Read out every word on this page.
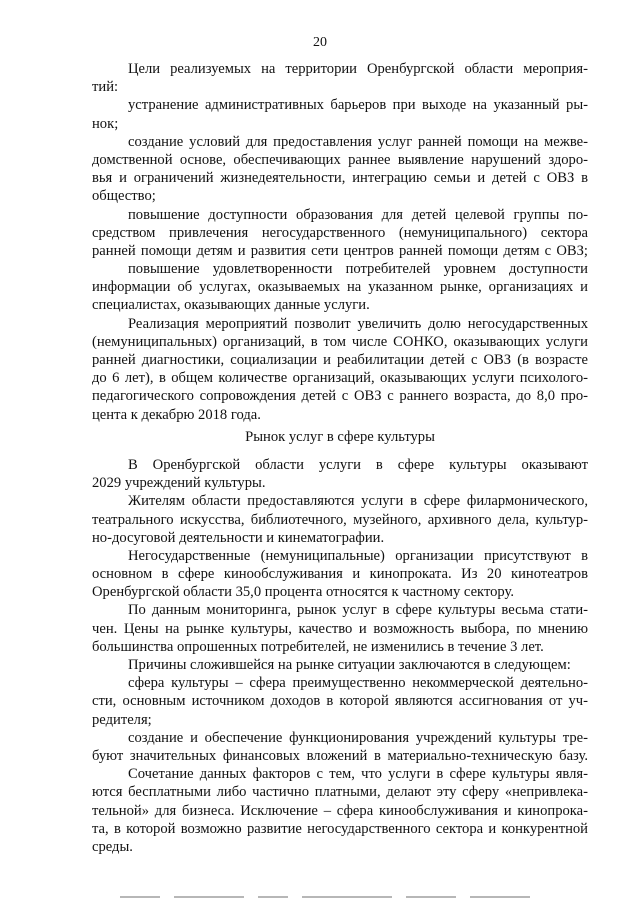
20
Цели реализуемых на территории Оренбургской области мероприя-
тий:
устранение административных барьеров при выходе на указанный ры-
нок;
создание условий для предоставления услуг ранней помощи на межве-
домственной основе, обеспечивающих раннее выявление нарушений здоро-
вья и ограничений жизнедеятельности, интеграцию семьи и детей с ОВЗ в
общество;
повышение доступности образования для детей целевой группы по-
средством привлечения негосударственного (немуниципального) сектора
ранней помощи детям и развития сети центров ранней помощи детям с ОВЗ;
повышение удовлетворенности потребителей уровнем доступности
информации об услугах, оказываемых на указанном рынке, организациях и
специалистах, оказывающих данные услуги.
Реализация мероприятий позволит увеличить долю негосударственных
(немуниципальных) организаций, в том числе СОНКО, оказывающих услуги
ранней диагностики, социализации и реабилитации детей с ОВЗ (в возрасте
до 6 лет), в общем количестве организаций, оказывающих услуги психолого-
педагогического сопровождения детей с ОВЗ с раннего возраста, до 8,0 про-
цента к декабрю 2018 года.
Рынок услуг в сфере культуры
В Оренбургской области услуги в сфере культуры оказывают
2029 учреждений культуры.
Жителям области предоставляются услуги в сфере филармонического,
театрального искусства, библиотечного, музейного, архивного дела, культур-
но-досуговой деятельности и кинематографии.
Негосударственные (немуниципальные) организации присутствуют в
основном в сфере кинообслуживания и кинопроката. Из 20 кинотеатров
Оренбургской области 35,0 процента относятся к частному сектору.
По данным мониторинга, рынок услуг в сфере культуры весьма стати-
чен. Цены на рынке культуры, качество и возможность выбора, по мнению
большинства опрошенных потребителей, не изменились в течение 3 лет.
Причины сложившейся на рынке ситуации заключаются в следующем:
сфера культуры – сфера преимущественно некоммерческой деятельно-
сти, основным источником доходов в которой являются ассигнования от уч-
редителя;
создание и обеспечение функционирования учреждений культуры тре-
буют значительных финансовых вложений в материально-техническую базу.
Сочетание данных факторов с тем, что услуги в сфере культуры явля-
ются бесплатными либо частично платными, делают эту сферу «непривлека-
тельной» для бизнеса. Исключение – сфера кинообслуживания и кинопрока-
та, в которой возможно развитие негосударственного сектора и конкурентной
среды.
